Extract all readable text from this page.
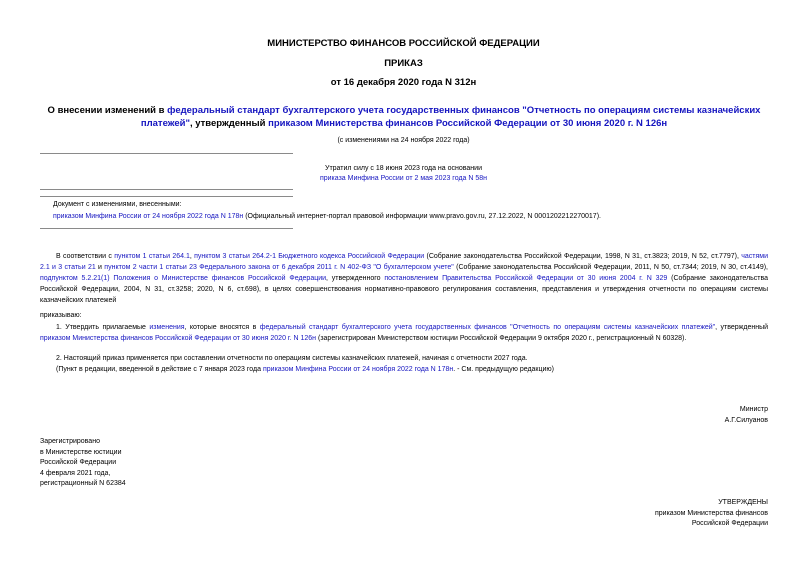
МИНИСТЕРСТВО ФИНАНСОВ РОССИЙСКОЙ ФЕДЕРАЦИИ
ПРИКАЗ
от 16 декабря 2020 года N 312н
О внесении изменений в федеральный стандарт бухгалтерского учета государственных финансов "Отчетность по операциям системы казначейских платежей", утвержденный приказом Министерства финансов Российской Федерации от 30 июня 2020 г. N 126н
(с изменениями на 24 ноября 2022 года)

Утратил силу с 18 июня 2023 года на основании

приказа Минфина России от 2 мая 2023 года N 58н

Документ с изменениями, внесенными:

приказом Минфина России от 24 ноября 2022 года N 178н (Официальный интернет-портал правовой информации www.pravo.gov.ru, 27.12.2022, N 0001202212270017).

В соответствии с пунктом 1 статьи 264.1, пунктом 3 статьи 264.2-1 Бюджетного кодекса Российской Федерации (Собрание законодательства Российской Федерации, 1998, N 31, ст.3823; 2019, N 52, ст.7797), частями 2.1 и 3 статьи 21 и пунктом 2 части 1 статьи 23 Федерального закона от 6 декабря 2011 г. N 402-ФЗ "О бухгалтерском учете" (Собрание законодательства Российской Федерации, 2011, N 50, ст.7344; 2019, N 30, ст.4149), подпунктом 5.2.21(1) Положения о Министерстве финансов Российской Федерации, утвержденного постановлением Правительства Российской Федерации от 30 июня 2004 г. N 329 (Собрание законодательства Российской Федерации, 2004, N 31, ст.3258; 2020, N 6, ст.698), в целях совершенствования нормативно-правового регулирования составления, представления и утверждения отчетности по операциям системы казначейских платежей
приказываю:
1. Утвердить прилагаемые изменения, которые вносятся в федеральный стандарт бухгалтерского учета государственных финансов "Отчетность по операциям системы казначейских платежей", утвержденный приказом Министерства финансов Российской Федерации от 30 июня 2020 г. N 126н (зарегистрирован Министерством юстиции Российской Федерации 9 октября 2020 г., регистрационный N 60328).

2. Настоящий приказ применяется при составлении отчетности по операциям системы казначейских платежей, начиная с отчетности 2027 года.

(Пункт в редакции, введенной в действие с 7 января 2023 года приказом Минфина России от 24 ноября 2022 года N 178н. - См. предыдущую редакцию)

Министр

А.Г.Силуанов

Зарегистрировано

в Министерстве юстиции

Российской Федерации

4 февраля 2021 года,

регистрационный N 62384

УТВЕРЖДЕНЫ

приказом Министерства финансов

Российской Федерации
